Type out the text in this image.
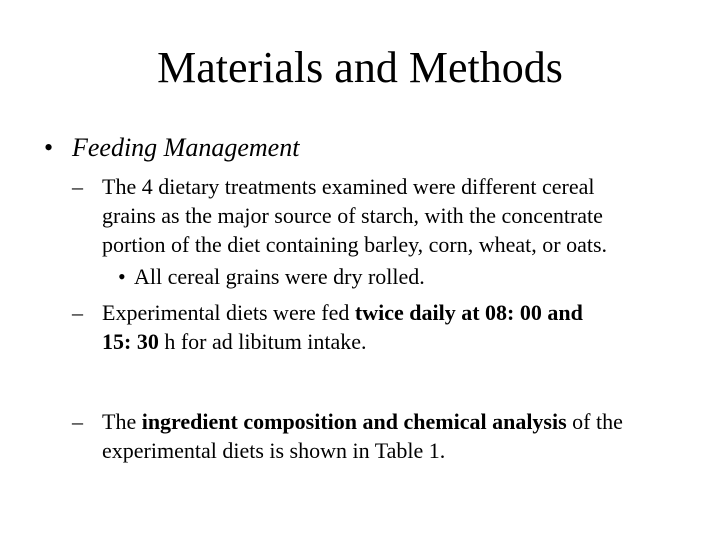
Materials and Methods
• Feeding Management
– The 4 dietary treatments examined were different cereal
grains as the major source of starch, with the concentrate
portion of the diet containing barley, corn, wheat, or oats.
• All cereal grains were dry rolled.
– Experimental diets were fed twice daily at 08: 00 and
15: 30 h for ad libitum intake.
– The ingredient composition and chemical analysis of the
experimental diets is shown in Table 1.
